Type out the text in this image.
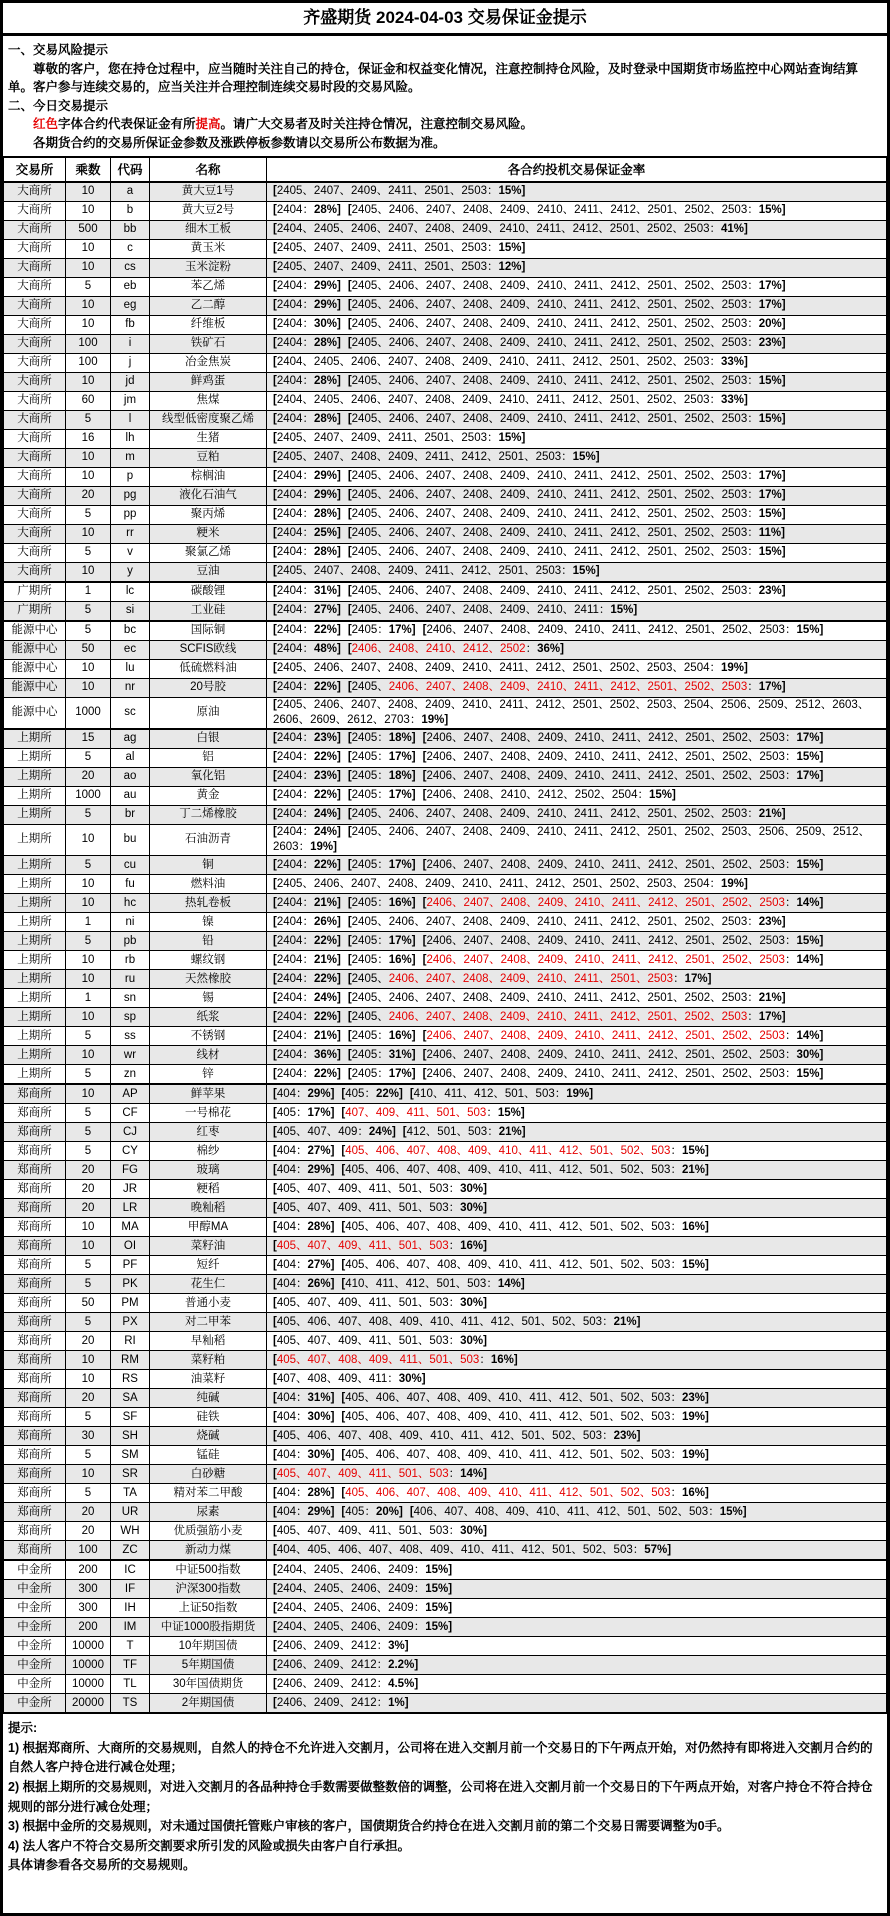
齐盛期货 2024-04-03 交易保证金提示
一、交易风险提示
尊敬的客户，您在持仓过程中，应当随时关注自己的持仓，保证金和权益变化情况，注意控制持仓风险，及时登录中国期货市场监控中心网站查询结算单。客户参与连续交易的，应当关注并合理控制连续交易时段的交易风险。
二、今日交易提示
红色字体合约代表保证金有所提高。请广大交易者及时关注持仓情况，注意控制交易风险。
各期货合约的交易所保证金参数及涨跌停板参数请以交易所公布数据为准。
交易所	乘数	代码	名称	各合约投机交易保证金率
大商所	10	a	黄大豆1号	[2405、2407、2409、2411、2501、2503：15%]
大商所	10	b	黄大豆2号	[2404：28%] [2405、2406、2407、2408、2409、2410、2411、2412、2501、2502、2503：15%]
大商所	500	bb	细木工板	[2404、2405、2406、2407、2408、2409、2410、2411、2412、2501、2502、2503：41%]
大商所	10	c	黄玉米	[2405、2407、2409、2411、2501、2503：15%]
大商所	10	cs	玉米淀粉	[2405、2407、2409、2411、2501、2503：12%]
大商所	5	eb	苯乙烯	[2404：29%] [2405、2406、2407、2408、2409、2410、2411、2412、2501、2502、2503：17%]
大商所	10	eg	乙二醇	[2404：29%] [2405、2406、2407、2408、2409、2410、2411、2412、2501、2502、2503：17%]
大商所	10	fb	纤维板	[2404：30%] [2405、2406、2407、2408、2409、2410、2411、2412、2501、2502、2503：20%]
大商所	100	i	铁矿石	[2404：28%] [2405、2406、2407、2408、2409、2410、2411、2412、2501、2502、2503：23%]
大商所	100	j	冶金焦炭	[2404、2405、2406、2407、2408、2409、2410、2411、2412、2501、2502、2503：33%]
大商所	10	jd	鲜鸡蛋	[2404：28%] [2405、2406、2407、2408、2409、2410、2411、2412、2501、2502、2503：15%]
大商所	60	jm	焦煤	[2404、2405、2406、2407、2408、2409、2410、2411、2412、2501、2502、2503：33%]
大商所	5	l	线型低密度聚乙烯	[2404：28%] [2405、2406、2407、2408、2409、2410、2411、2412、2501、2502、2503：15%]
大商所	16	lh	生猪	[2405、2407、2409、2411、2501、2503：15%]
大商所	10	m	豆粕	[2405、2407、2408、2409、2411、2412、2501、2503：15%]
大商所	10	p	棕榈油	[2404：29%] [2405、2406、2407、2408、2409、2410、2411、2412、2501、2502、2503：17%]
大商所	20	pg	液化石油气	[2404：29%] [2405、2406、2407、2408、2409、2410、2411、2412、2501、2502、2503：17%]
大商所	5	pp	聚丙烯	[2404：28%] [2405、2406、2407、2408、2409、2410、2411、2412、2501、2502、2503：15%]
大商所	10	rr	粳米	[2404：25%] [2405、2406、2407、2408、2409、2410、2411、2412、2501、2502、2503：11%]
大商所	5	v	聚氯乙烯	[2404：28%] [2405、2406、2407、2408、2409、2410、2411、2412、2501、2502、2503：15%]
大商所	10	y	豆油	[2405、2407、2408、2409、2411、2412、2501、2503：15%]
广期所	1	lc	碳酸锂	[2404：31%] [2405、2406、2407、2408、2409、2410、2411、2412、2501、2502、2503：23%]
广期所	5	si	工业硅	[2404：27%] [2405、2406、2407、2408、2409、2410、2411：15%]
能源中心	5	bc	国际铜	[2404：22%] [2405：17%] [2406、2407、2408、2409、2410、2411、2412、2501、2502、2503：15%]
能源中心	50	ec	SCFIS欧线	[2404：48%] [2406、2408、2410、2412、2502：36%]
能源中心	10	lu	低硫燃料油	[2405、2406、2407、2408、2409、2410、2411、2412、2501、2502、2503、2504：19%]
能源中心	10	nr	20号胶	[2404：22%] [2405、2406、2407、2408、2409、2410、2411、2412、2501、2502、2503：17%]
能源中心	1000	sc	原油	[2405、2406、2407、2408、2409、2410、2411、2412、2501、2502、2503、2504、2506、2509、2512、2603、2606、2609、2612、2703：19%]
上期所	15	ag	白银	[2404：23%] [2405：18%] [2406、2407、2408、2409、2410、2411、2412、2501、2502、2503：17%]
上期所	5	al	铝	[2404：22%] [2405：17%] [2406、2407、2408、2409、2410、2411、2412、2501、2502、2503：15%]
上期所	20	ao	氧化铝	[2404：23%] [2405：18%] [2406、2407、2408、2409、2410、2411、2412、2501、2502、2503：17%]
上期所	1000	au	黄金	[2404：22%] [2405：17%] [2406、2408、2410、2412、2502、2504：15%]
上期所	5	br	丁二烯橡胶	[2404：24%] [2405、2406、2407、2408、2409、2410、2411、2412、2501、2502、2503：21%]
上期所	10	bu	石油沥青	[2404：24%] [2405、2406、2407、2408、2409、2410、2411、2412、2501、2502、2503、2506、2509、2512、2603：19%]
上期所	5	cu	铜	[2404：22%] [2405：17%] [2406、2407、2408、2409、2410、2411、2412、2501、2502、2503：15%]
上期所	10	fu	燃料油	[2405、2406、2407、2408、2409、2410、2411、2412、2501、2502、2503、2504：19%]
上期所	10	hc	热轧卷板	[2404：21%] [2405：16%] [2406、2407、2408、2409、2410、2411、2412、2501、2502、2503：14%]
上期所	1	ni	镍	[2404：26%] [2405、2406、2407、2408、2409、2410、2411、2412、2501、2502、2503：23%]
上期所	5	pb	铅	[2404：22%] [2405：17%] [2406、2407、2408、2409、2410、2411、2412、2501、2502、2503：15%]
上期所	10	rb	螺纹钢	[2404：21%] [2405：16%] [2406、2407、2408、2409、2410、2411、2412、2501、2502、2503：14%]
上期所	10	ru	天然橡胶	[2404：22%] [2405、2406、2407、2408、2409、2410、2411、2501、2503：17%]
上期所	1	sn	锡	[2404：24%] [2405、2406、2407、2408、2409、2410、2411、2412、2501、2502、2503：21%]
上期所	10	sp	纸浆	[2404：22%] [2405、2406、2407、2408、2409、2410、2411、2412、2501、2502、2503：17%]
上期所	5	ss	不锈钢	[2404：21%] [2405：16%] [2406、2407、2408、2409、2410、2411、2412、2501、2502、2503：14%]
上期所	10	wr	线材	[2404：36%] [2405：31%] [2406、2407、2408、2409、2410、2411、2412、2501、2502、2503：30%]
上期所	5	zn	锌	[2404：22%] [2405：17%] [2406、2407、2408、2409、2410、2411、2412、2501、2502、2503：15%]
郑商所	10	AP	鲜苹果	[404：29%] [405：22%] [410、411、412、501、503：19%]
郑商所	5	CF	一号棉花	[405：17%] [407、409、411、501、503：15%]
郑商所	5	CJ	红枣	[405、407、409：24%] [412、501、503：21%]
郑商所	5	CY	棉纱	[404：27%] [405、406、407、408、409、410、411、412、501、502、503：15%]
郑商所	20	FG	玻璃	[404：29%] [405、406、407、408、409、410、411、412、501、502、503：21%]
郑商所	20	JR	粳稻	[405、407、409、411、501、503：30%]
郑商所	20	LR	晚籼稻	[405、407、409、411、501、503：30%]
郑商所	10	MA	甲醇MA	[404：28%] [405、406、407、408、409、410、411、412、501、502、503：16%]
郑商所	10	OI	菜籽油	[405、407、409、411、501、503：16%]
郑商所	5	PF	短纤	[404：27%] [405、406、407、408、409、410、411、412、501、502、503：15%]
郑商所	5	PK	花生仁	[404：26%] [410、411、412、501、503：14%]
郑商所	50	PM	普通小麦	[405、407、409、411、501、503：30%]
郑商所	5	PX	对二甲苯	[405、406、407、408、409、410、411、412、501、502、503：21%]
郑商所	20	RI	早籼稻	[405、407、409、411、501、503：30%]
郑商所	10	RM	菜籽粕	[405、407、408、409、411、501、503：16%]
郑商所	10	RS	油菜籽	[407、408、409、411：30%]
郑商所	20	SA	纯碱	[404：31%] [405、406、407、408、409、410、411、412、501、502、503：23%]
郑商所	5	SF	硅铁	[404：30%] [405、406、407、408、409、410、411、412、501、502、503：19%]
郑商所	30	SH	烧碱	[405、406、407、408、409、410、411、412、501、502、503：23%]
郑商所	5	SM	锰硅	[404：30%] [405、406、407、408、409、410、411、412、501、502、503：19%]
郑商所	10	SR	白砂糖	[405、407、409、411、501、503：14%]
郑商所	5	TA	精对苯二甲酸	[404：28%] [405、406、407、408、409、410、411、412、501、502、503：16%]
郑商所	20	UR	尿素	[404：29%] [405：20%] [406、407、408、409、410、411、412、501、502、503：15%]
郑商所	20	WH	优质强筋小麦	[405、407、409、411、501、503：30%]
郑商所	100	ZC	新动力煤	[404、405、406、407、408、409、410、411、412、501、502、503：57%]
中金所	200	IC	中证500指数	[2404、2405、2406、2409：15%]
中金所	300	IF	沪深300指数	[2404、2405、2406、2409：15%]
中金所	300	IH	上证50指数	[2404、2405、2406、2409：15%]
中金所	200	IM	中证1000股指期货	[2404、2405、2406、2409：15%]
中金所	10000	T	10年期国债	[2406、2409、2412：3%]
中金所	10000	TF	5年期国债	[2406、2409、2412：2.2%]
中金所	10000	TL	30年国债期货	[2406、2409、2412：4.5%]
中金所	20000	TS	2年期国债	[2406、2409、2412：1%]
提示:
1) 根据郑商所、大商所的交易规则，自然人的持仓不允许进入交割月，公司将在进入交割月前一个交易日的下午两点开始，对仍然持有即将进入交割月合约的自然人客户持仓进行减仓处理；
2) 根据上期所的交易规则，对进入交割月的各品种持仓手数需要做整数倍的调整，公司将在进入交割月前一个交易日的下午两点开始，对客户持仓不符合持仓规则的部分进行减仓处理；
3) 根据中金所的交易规则，对未通过国债托管账户审核的客户，国债期货合约持仓在进入交割月前的第二个交易日需要调整为0手。
4) 法人客户不符合交易所交割要求所引发的风险或损失由客户自行承担。
具体请参看各交易所的交易规则。
